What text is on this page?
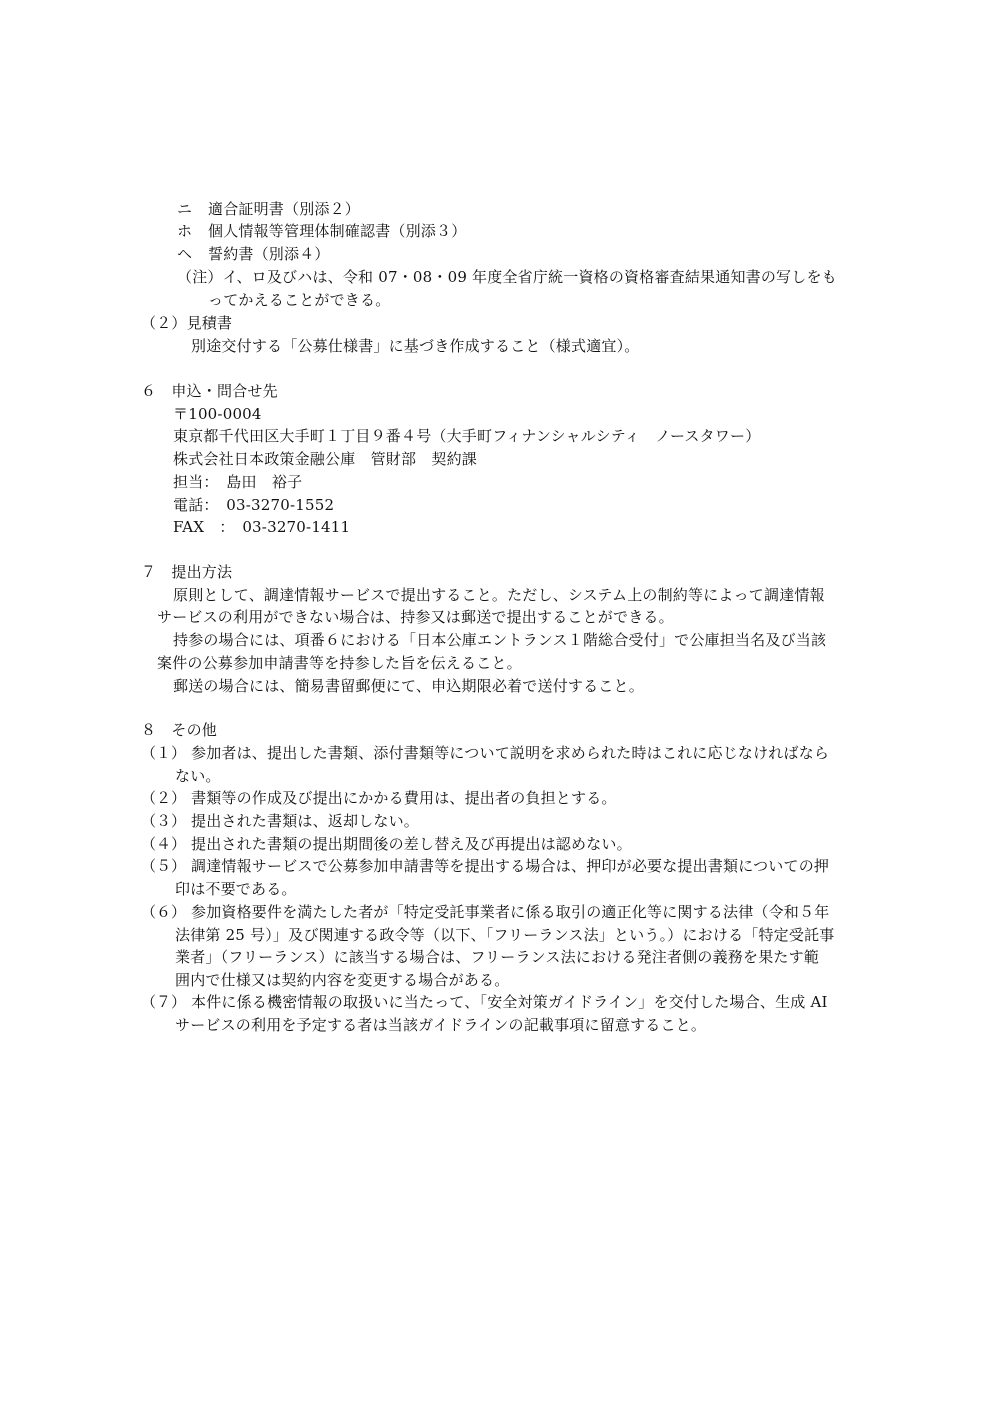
ニ 適合証明書（別添２）
ホ 個人情報等管理体制確認書（別添３）
ヘ 誓約書（別添４）
（注）イ、ロ及びハは、令和 07・08・09 年度全省庁統一資格の資格審査結果通知書の写しをも
ってかえることができる。
（２）見積書
別途交付する「公募仕様書」に基づき作成すること（様式適宜）。
６　申込・問合せ先
〒100-0004
東京都千代田区大手町１丁目９番４号（大手町フィナンシャルシティ　ノースタワー）
株式会社日本政策金融公庫　管財部　契約課
担当：　島田　裕子
電話：　03-3270-1552
FAX　：　03-3270-1411
７　提出方法
原則として、調達情報サービスで提出すること。ただし、システム上の制約等によって調達情報
サービスの利用ができない場合は、持参又は郵送で提出することができる。
持参の場合には、項番６における「日本公庫エントランス１階総合受付」で公庫担当名及び当該
案件の公募参加申請書等を持参した旨を伝えること。
郵送の場合には、簡易書留郵便にて、申込期限必着で送付すること。
８　その他
（１） 参加者は、提出した書類、添付書類等について説明を求められた時はこれに応じなければなら
ない。
（２） 書類等の作成及び提出にかかる費用は、提出者の負担とする。
（３） 提出された書類は、返却しない。
（４） 提出された書類の提出期間後の差し替え及び再提出は認めない。
（５） 調達情報サービスで公募参加申請書等を提出する場合は、押印が必要な提出書類についての押
印は不要である。
（６） 参加資格要件を満たした者が「特定受託事業者に係る取引の適正化等に関する法律（令和５年
法律第 25 号）」及び関連する政令等（以下、「フリーランス法」という。）における「特定受託事
業者」（フリーランス）に該当する場合は、フリーランス法における発注者側の義務を果たす範
囲内で仕様又は契約内容を変更する場合がある。
（７） 本件に係る機密情報の取扱いに当たって、「安全対策ガイドライン」を交付した場合、生成 AI
サービスの利用を予定する者は当該ガイドラインの記載事項に留意すること。
